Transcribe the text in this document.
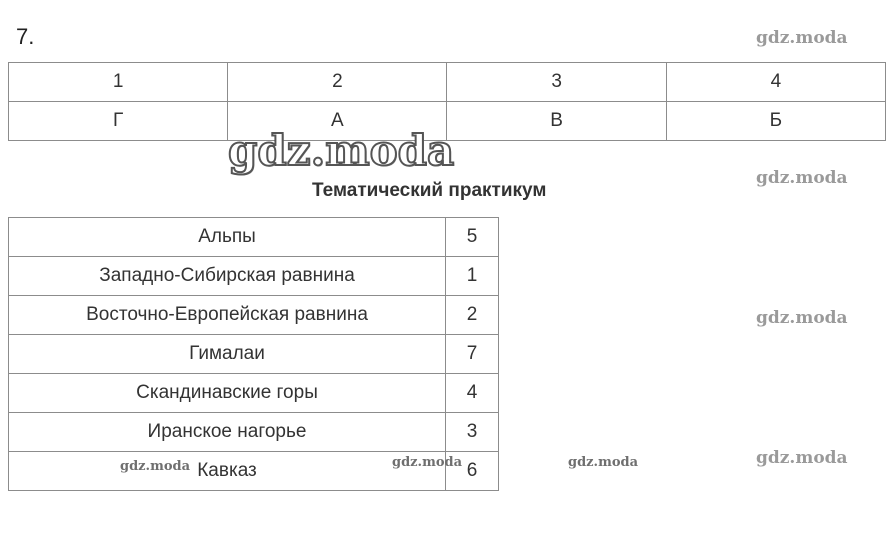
7.
1	2	3	4
Г	А	В	Б
Тематический практикум
Альпы	5
Западно-Сибирская равнина	1
Восточно-Европейская равнина	2
Гималаи	7
Скандинавские горы	4
Иранское нагорье	3
Кавказ	6
gdz.moda
gdz.moda
gdz.moda
gdz.moda
gdz.moda
gdz.moda	gdz.moda	gdz.moda
